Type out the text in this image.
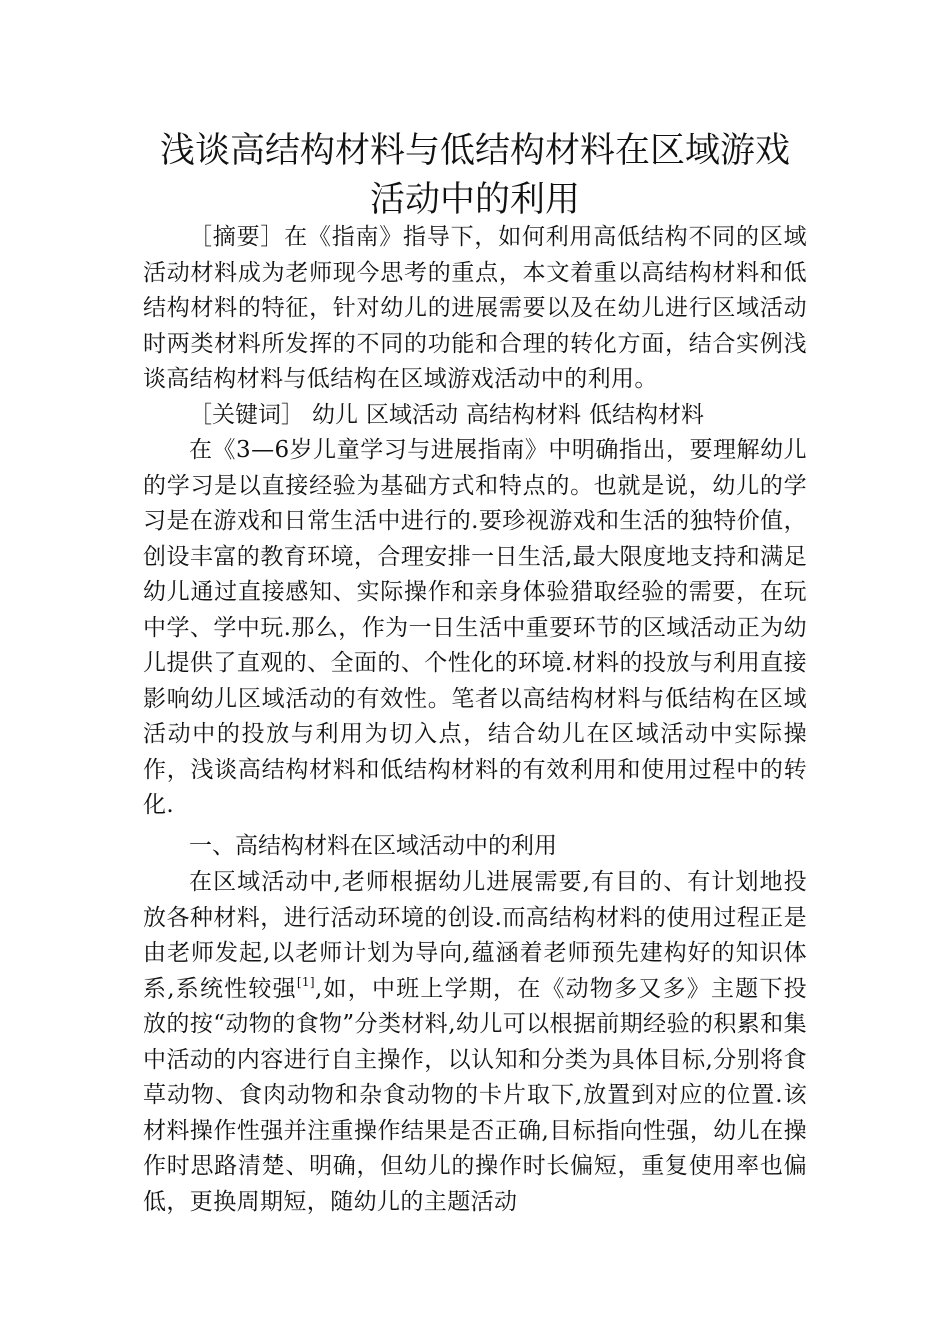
浅谈高结构材料与低结构材料在区域游戏
活动中的利用

［摘要］在《指南》指导下，如何利用高低结构不同的区域活动材料成为老师现今思考的重点，本文着重以高结构材料和低结构材料的特征，针对幼儿的进展需要以及在幼儿进行区域活动时两类材料所发挥的不同的功能和合理的转化方面，结合实例浅谈高结构材料与低结构在区域游戏活动中的利用。

［关键词］ 幼儿 区域活动 高结构材料 低结构材料

在《3—6岁儿童学习与进展指南》中明确指出，要理解幼儿的学习是以直接经验为基础方式和特点的。也就是说，幼儿的学习是在游戏和日常生活中进行的.要珍视游戏和生活的独特价值，创设丰富的教育环境，合理安排一日生活,最大限度地支持和满足幼儿通过直接感知、实际操作和亲身体验猎取经验的需要，在玩中学、学中玩.那么，作为一日生活中重要环节的区域活动正为幼儿提供了直观的、全面的、个性化的环境.材料的投放与利用直接影响幼儿区域活动的有效性。笔者以高结构材料与低结构在区域活动中的投放与利用为切入点，结合幼儿在区域活动中实际操作，浅谈高结构材料和低结构材料的有效利用和使用过程中的转化.

一、高结构材料在区域活动中的利用

在区域活动中,老师根据幼儿进展需要,有目的、有计划地投放各种材料，进行活动环境的创设.而高结构材料的使用过程正是由老师发起,以老师计划为导向,蕴涵着老师预先建构好的知识体系,系统性较强[1],如，中班上学期，在《动物多又多》主题下投放的按“动物的食物”分类材料,幼儿可以根据前期经验的积累和集中活动的内容进行自主操作，以认知和分类为具体目标,分别将食草动物、食肉动物和杂食动物的卡片取下,放置到对应的位置.该材料操作性强并注重操作结果是否正确,目标指向性强，幼儿在操作时思路清楚、明确，但幼儿的操作时长偏短，重复使用率也偏低，更换周期短，随幼儿的主题活动
